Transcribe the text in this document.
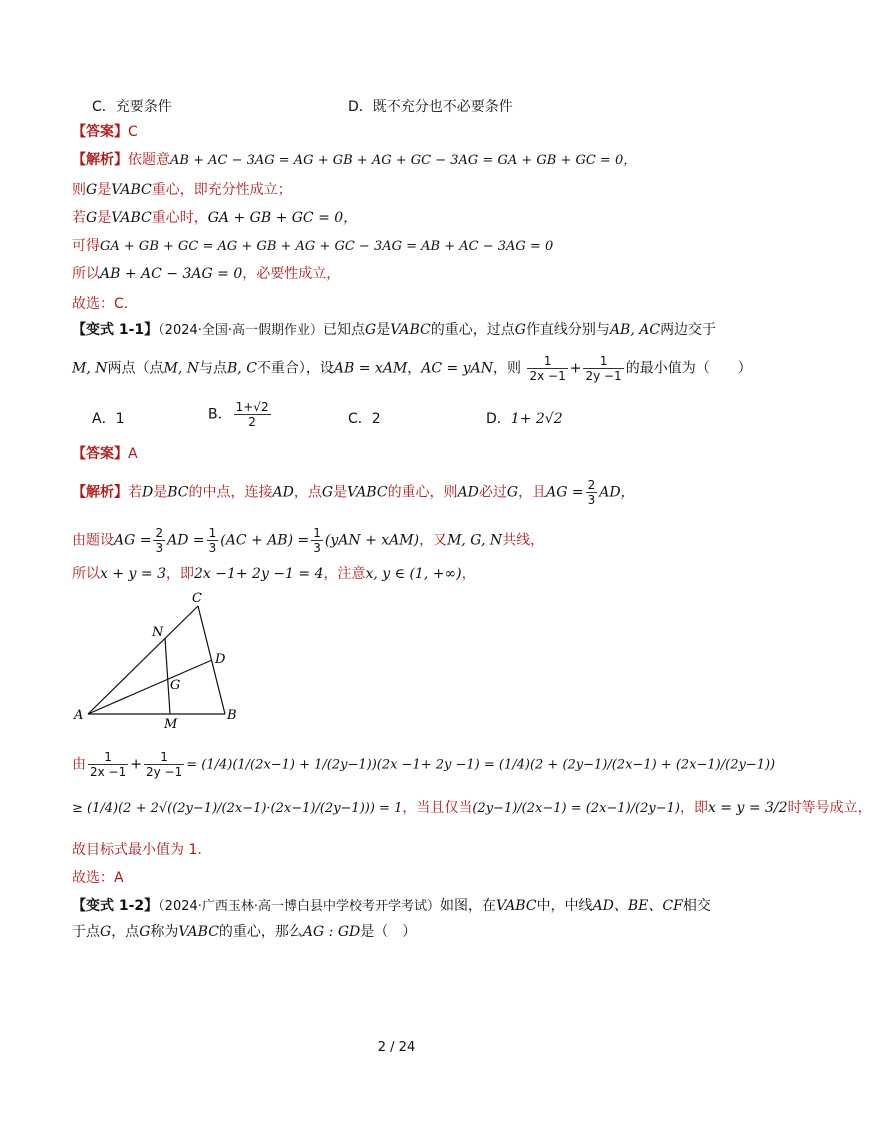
C．充要条件	D．既不充分也不必要条件
【答案】C
【解析】依题意AB + AC − 3AG = AG + GB + AG + GC − 3AG = GA + GB + GC = 0，
则G是VABC重心，即充分性成立；
若G是VABC重心时，GA + GB + GC = 0，
可得GA + GB + GC = AG + GB + AG + GC − 3AG = AB + AC − 3AG = 0
所以AB + AC − 3AG = 0，必要性成立，
故选：C.
【变式 1-1】（2024·全国·高一假期作业）已知点G是VABC的重心，过点G作直线分别与AB, AC两边交于
M, N两点（点M, N与点B, C不重合），设AB = xAM，AC = yAN，则 $\frac{1}{2x -1} + \frac{1}{2y -1}$ 的最小值为（　　）
A．1	B． $\frac{1+√2}{2}$	C．2	D．1+ 2√2
【答案】A
【解析】若D是BC的中点，连接AD，点G是VABC的重心，则AD必过G，且AG = $\frac{2}{3}$ AD，
由题设AG = $\frac{2}{3}$ AD = $\frac{1}{3} (AC + AB) = \frac{1}{3} (yAN + xAM)$，又M, G, N共线，
所以x + y = 3，即2x −1+ 2y −1 = 4，注意x, y ∈ (1, +∞)，
A	B
C
D
G
M
N
由 $\frac{1}{2x -1} + \frac{1}{2y -1} = (1/4)(1/(2x-1) + 1/(2y-1))(2x -1+ 2y -1) = (1/4)(2 + (2y-1)/(2x-1) + (2x-1)/(2y-1))$
≥ (1/4)(2 + 2√((2y−1)/(2x−1)·(2x−1)/(2y−1))) = 1，当且仅当(2y−1)/(2x−1) = (2x−1)/(2y−1)，即x = y = 3/2时等号成立，
故目标式最小值为 1.
故选：A
【变式 1-2】（2024·广西玉林·高一博白县中学校考开学考试）如图，在VABC中，中线AD、BE、CF相交
于点G，点G称为VABC的重心，那么AG : GD是（　）
2 / 24
